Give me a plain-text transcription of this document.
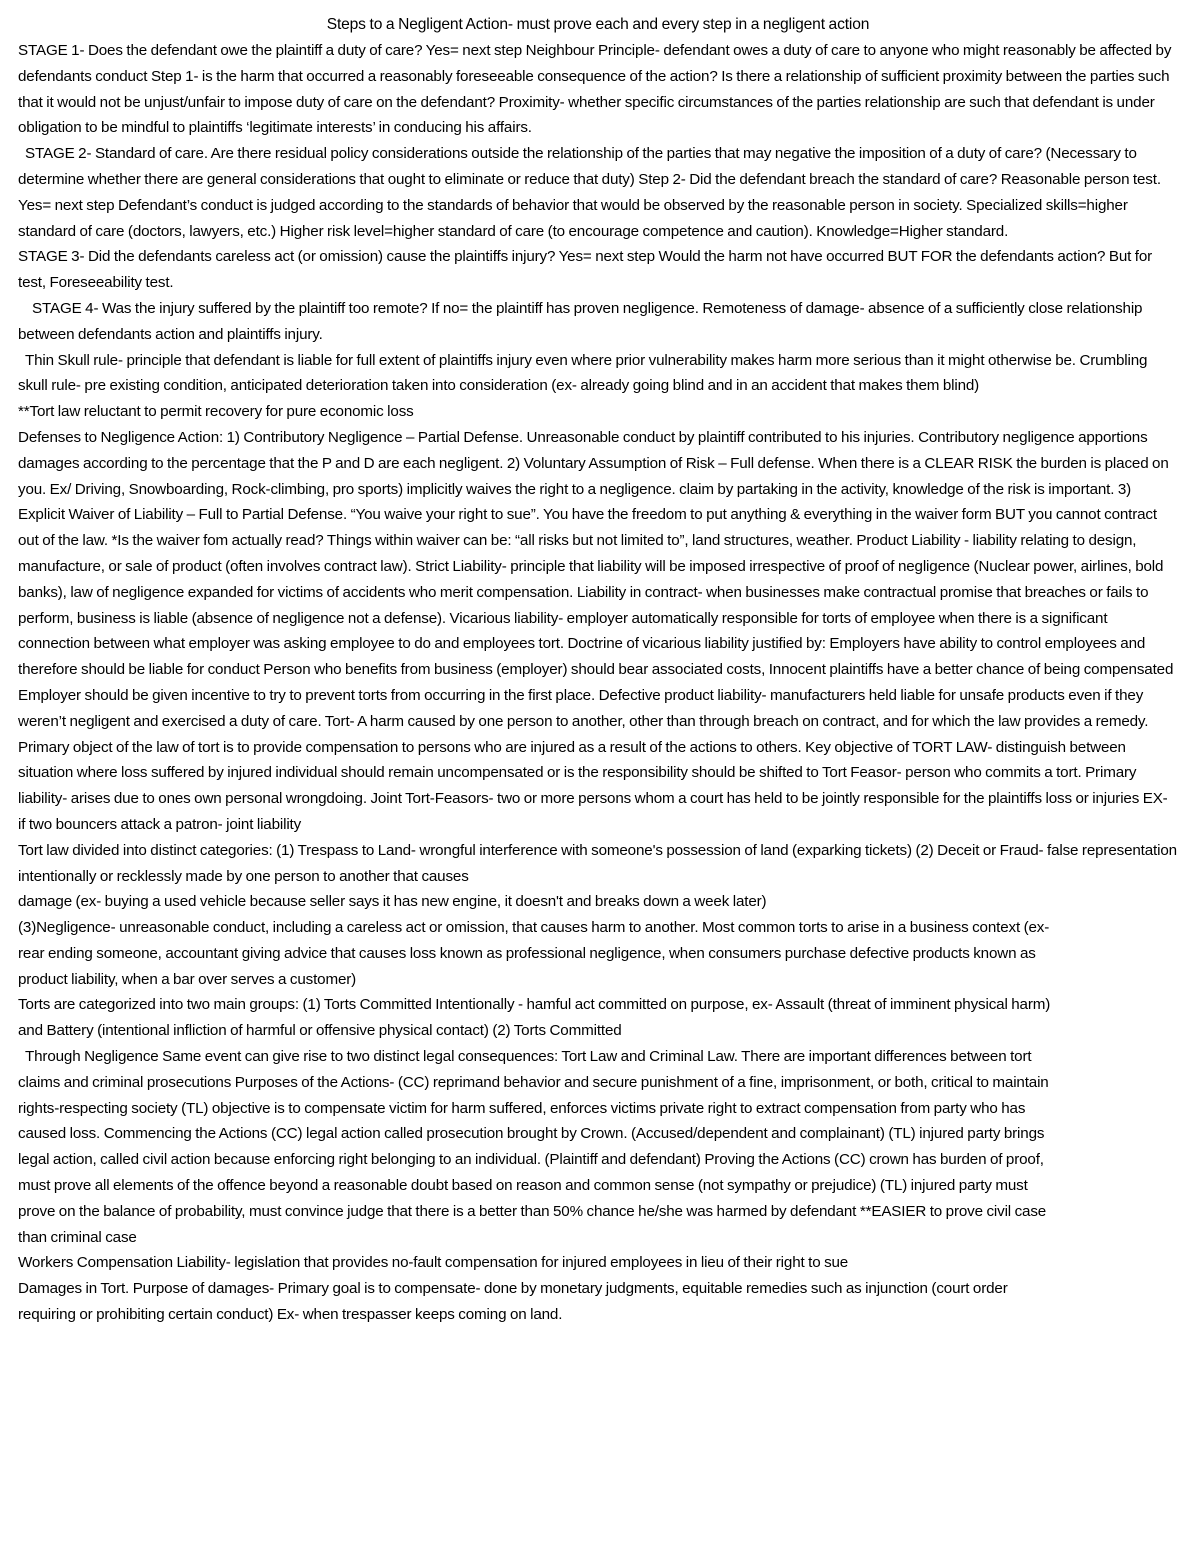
Steps to a Negligent Action- must prove each and every step in a negligent action

STAGE 1- Does the defendant owe the plaintiff a duty of care? Yes= next step Neighbour Principle- defendant owes a duty of care to anyone who might reasonably be affected by defendants conduct Step 1- is the harm that occurred a reasonably foreseeable consequence of the action? Is there a relationship of sufficient proximity between the parties such that it would not be unjust/unfair to impose duty of care on the defendant? Proximity- whether specific circumstances of the parties relationship are such that defendant is under obligation to be mindful to plaintiffs ‘legitimate interests’ in conducing his affairs.

STAGE 2- Standard of care. Are there residual policy considerations outside the relationship of the parties that may negative the imposition of a duty of care? (Necessary to determine whether there are general considerations that ought to eliminate or reduce that duty) Step 2- Did the defendant breach the standard of care? Reasonable person test. Yes= next step Defendant’s conduct is judged according to the standards of behavior that would be observed by the reasonable person in society. Specialized skills=higher standard of care (doctors, lawyers, etc.) Higher risk level=higher standard of care (to encourage competence and caution). Knowledge=Higher standard.

STAGE 3- Did the defendants careless act (or omission) cause the plaintiffs injury? Yes= next step Would the harm not have occurred BUT FOR the defendants action? But for test, Foreseeability test.

STAGE 4- Was the injury suffered by the plaintiff too remote? If no= the plaintiff has proven negligence. Remoteness of damage- absence of a sufficiently close relationship between defendants action and plaintiffs injury.

Thin Skull rule- principle that defendant is liable for full extent of plaintiffs injury even where prior vulnerability makes harm more serious than it might otherwise be. Crumbling skull rule- pre existing condition, anticipated deterioration taken into consideration (ex- already going blind and in an accident that makes them blind)

**Tort law reluctant to permit recovery for pure economic loss

Defenses to Negligence Action: 1) Contributory Negligence – Partial Defense. Unreasonable conduct by plaintiff contributed to his injuries. Contributory negligence apportions damages according to the percentage that the P and D are each negligent. 2) Voluntary Assumption of Risk – Full defense. When there is a CLEAR RISK the burden is placed on you. Ex/ Driving, Snowboarding, Rock-climbing, pro sports) implicitly waives the right to a negligence. claim by partaking in the activity, knowledge of the risk is important. 3) Explicit Waiver of Liability – Full to Partial Defense. “You waive your right to sue”. You have the freedom to put anything & everything in the waiver form BUT you cannot contract out of the law. *Is the waiver fom actually read? Things within waiver can be: “all risks but not limited to”, land structures, weather. Product Liability - liability relating to design, manufacture, or sale of product (often involves contract law). Strict Liability- principle that liability will be imposed irrespective of proof of negligence (Nuclear power, airlines, bold banks), law of negligence expanded for victims of accidents who merit compensation. Liability in contract- when businesses make contractual promise that breaches or fails to perform, business is liable (absence of negligence not a defense). Vicarious liability- employer automatically responsible for torts of employee when there is a significant connection between what employer was asking employee to do and employees tort. Doctrine of vicarious liability justified by: Employers have ability to control employees and therefore should be liable for conduct Person who benefits from business (employer) should bear associated costs, Innocent plaintiffs have a better chance of being compensated Employer should be given incentive to try to prevent torts from occurring in the first place. Defective product liability- manufacturers held liable for unsafe products even if they weren’t negligent and exercised a duty of care. Tort- A harm caused by one person to another, other than through breach on contract, and for which the law provides a remedy. Primary object of the law of tort is to provide compensation to persons who are injured as a result of the actions to others. Key objective of TORT LAW- distinguish between situation where loss suffered by injured individual should remain uncompensated or is the responsibility should be shifted to Tort Feasor- person who commits a tort. Primary liability- arises due to ones own personal wrongdoing. Joint Tort-Feasors- two or more persons whom a court has held to be jointly responsible for the plaintiffs loss or injuries EX- if two bouncers attack a patron- joint liability

Tort law divided into distinct categories: (1) Trespass to Land- wrongful interference with someone's possession of land (exparking tickets) (2) Deceit or Fraud- false representation intentionally or recklessly made by one person to another that causes

damage (ex- buying a used vehicle because seller says it has new engine, it doesn't and breaks down a week later)

(3)Negligence- unreasonable conduct, including a careless act or omission, that causes harm to another. Most common torts to arise in a business context (ex- rear ending someone, accountant giving advice that causes loss known as professional negligence, when consumers purchase defective products known as product liability, when a bar over serves a customer)

Torts are categorized into two main groups: (1) Torts Committed Intentionally - hamful act committed on purpose, ex- Assault (threat of imminent physical harm) and Battery (intentional infliction of harmful or offensive physical contact) (2) Torts Committed

Through Negligence Same event can give rise to two distinct legal consequences: Tort Law and Criminal Law. There are important differences between tort claims and criminal prosecutions Purposes of the Actions- (CC) reprimand behavior and secure punishment of a fine, imprisonment, or both, critical to maintain rights-respecting society (TL) objective is to compensate victim for harm suffered, enforces victims private right to extract compensation from party who has caused loss. Commencing the Actions (CC) legal action called prosecution brought by Crown. (Accused/dependent and complainant) (TL) injured party brings legal action, called civil action because enforcing right belonging to an individual. (Plaintiff and defendant) Proving the Actions (CC) crown has burden of proof, must prove all elements of the offence beyond a reasonable doubt based on reason and common sense (not sympathy or prejudice) (TL) injured party must prove on the balance of probability, must convince judge that there is a better than 50% chance he/she was harmed by defendant **EASIER to prove civil case than criminal case

Workers Compensation Liability- legislation that provides no-fault compensation for injured employees in lieu of their right to sue

Damages in Tort. Purpose of damages- Primary goal is to compensate- done by monetary judgments, equitable remedies such as injunction (court order requiring or prohibiting certain conduct) Ex- when trespasser keeps coming on land.
